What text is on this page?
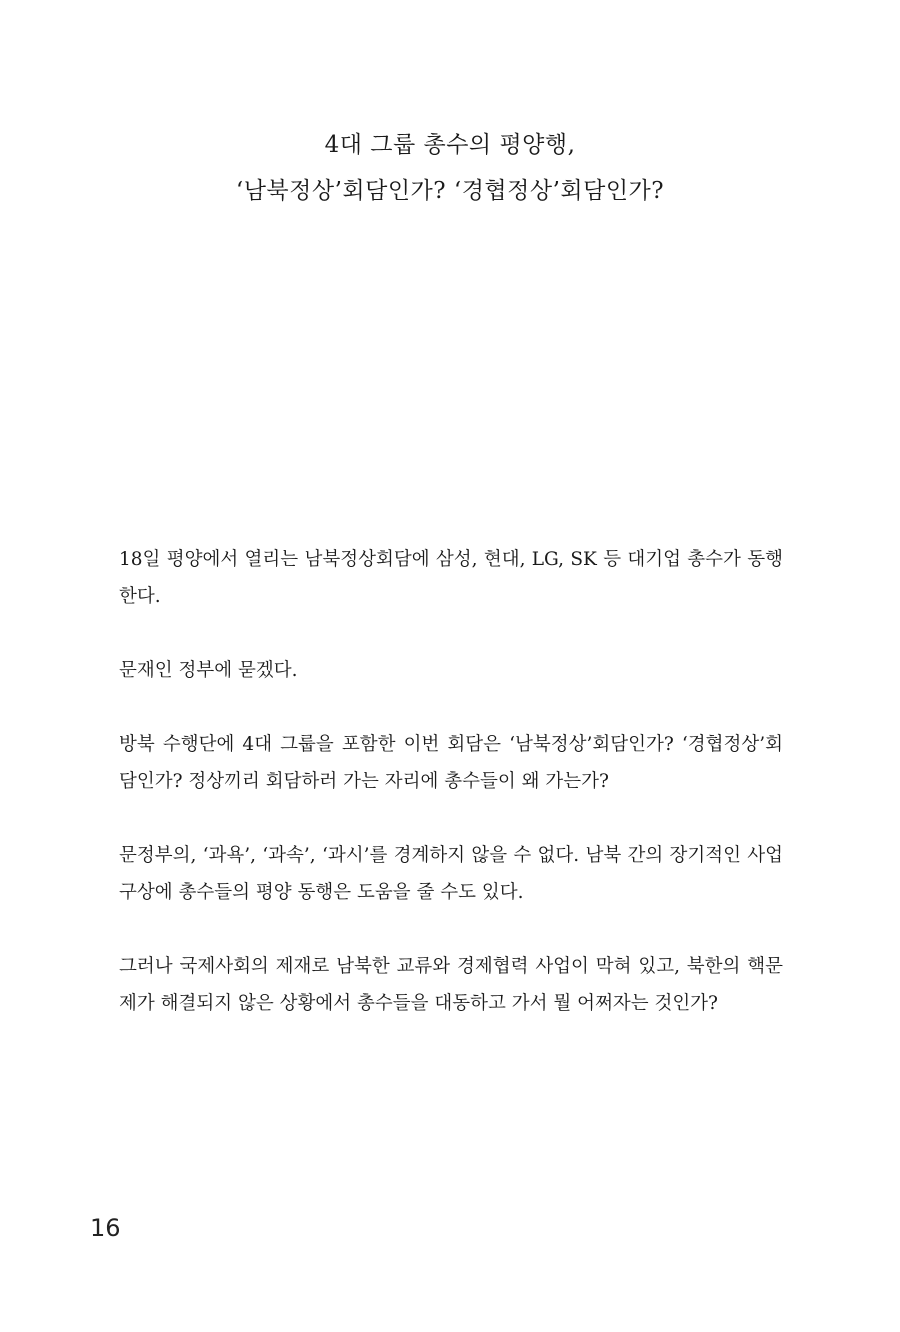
4대 그룹 총수의 평양행,
‘남북정상’회담인가? ‘경협정상’회담인가?

18일 평양에서 열리는 남북정상회담에 삼성, 현대, LG, SK 등 대기업 총수가 동행한다.

문재인 정부에 묻겠다.

방북 수행단에 4대 그룹을 포함한 이번 회담은 ‘남북정상’회담인가? ‘경협정상’회담인가? 정상끼리 회담하러 가는 자리에 총수들이 왜 가는가?

문정부의, ‘과욕’, ‘과속’, ‘과시’를 경계하지 않을 수 없다. 남북 간의 장기적인 사업구상에 총수들의 평양 동행은 도움을 줄 수도 있다.

그러나 국제사회의 제재로 남북한 교류와 경제협력 사업이 막혀 있고, 북한의 핵문제가 해결되지 않은 상황에서 총수들을 대동하고 가서 뭘 어쩌자는 것인가?

16
